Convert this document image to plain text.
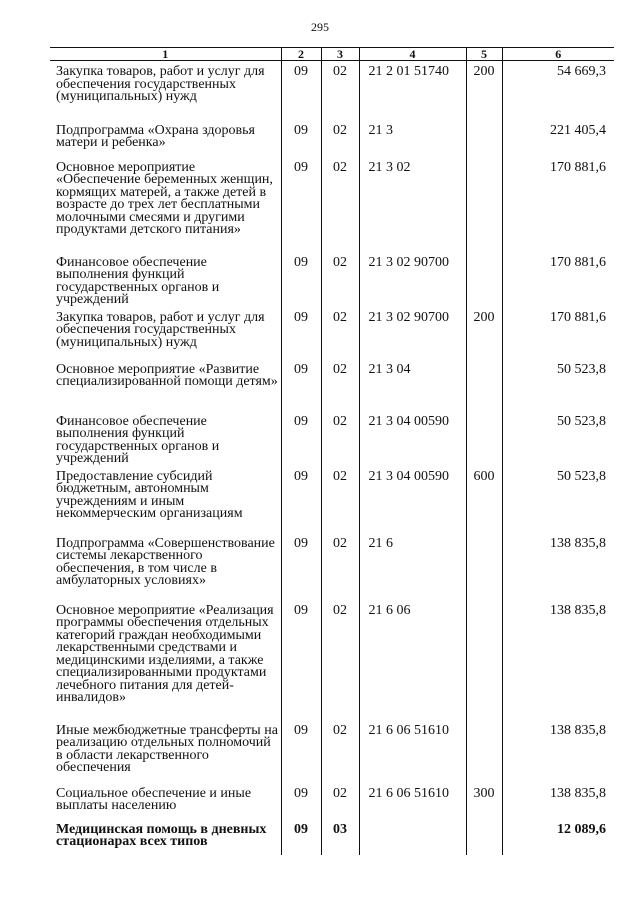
295
1	2	3	4	5	6
Закупка товаров, работ и услуг для обеспечения государственных (муниципальных) нужд	09	02	21 2 01 51740	200	54 669,3
Подпрограмма «Охрана здоровья матери и ребенка»	09	02	21 3		221 405,4
Основное мероприятие «Обеспечение беременных женщин, кормящих матерей, а также детей в возрасте до трех лет бесплатными молочными смесями и другими продуктами детского питания»	09	02	21 3 02		170 881,6
Финансовое обеспечение выполнения функций государственных органов и учреждений	09	02	21 3 02 90700		170 881,6
Закупка товаров, работ и услуг для обеспечения государственных (муниципальных) нужд	09	02	21 3 02 90700	200	170 881,6
Основное мероприятие «Развитие специализированной помощи детям»	09	02	21 3 04		50 523,8
Финансовое обеспечение выполнения функций государственных органов и учреждений	09	02	21 3 04 00590		50 523,8
Предоставление субсидий бюджетным, автономным учреждениям и иным некоммерческим организациям	09	02	21 3 04 00590	600	50 523,8
Подпрограмма «Совершенствование системы лекарственного обеспечения, в том числе в амбулаторных условиях»	09	02	21 6		138 835,8
Основное мероприятие «Реализация программы обеспечения отдельных категорий граждан необходимыми лекарственными средствами и медицинскими изделиями, а также специализированными продуктами лечебного питания для детей-инвалидов»	09	02	21 6 06		138 835,8
Иные межбюджетные трансферты на реализацию отдельных полномочий в области лекарственного обеспечения	09	02	21 6 06 51610		138 835,8
Социальное обеспечение и иные выплаты населению	09	02	21 6 06 51610	300	138 835,8
Медицинская помощь в дневных стационарах всех типов	09	03			12 089,6
